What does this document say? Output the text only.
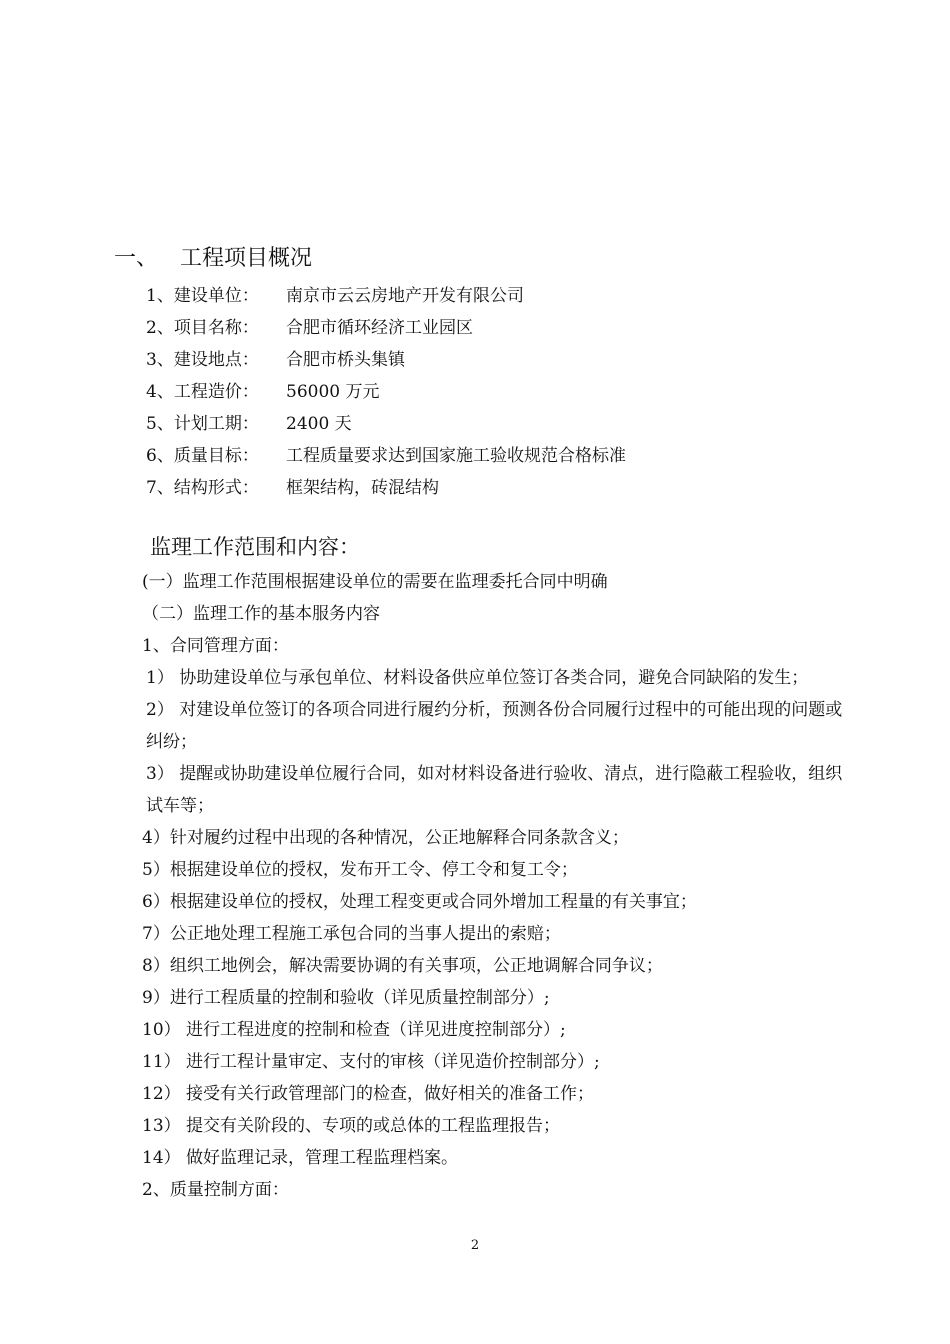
一、 工程项目概况
1、建设单位： 南京市云云房地产开发有限公司
2、项目名称： 合肥市循环经济工业园区
3、建设地点： 合肥市桥头集镇
4、工程造价： 56000 万元
5、计划工期： 2400 天
6、质量目标： 工程质量要求达到国家施工验收规范合格标准
7、结构形式： 框架结构，砖混结构
监理工作范围和内容：
(一）监理工作范围根据建设单位的需要在监理委托合同中明确
（二）监理工作的基本服务内容
1、合同管理方面：
1） 协助建设单位与承包单位、材料设备供应单位签订各类合同，避免合同缺陷的发生；
2） 对建设单位签订的各项合同进行履约分析，预测各份合同履行过程中的可能出现的问题或纠纷；
3） 提醒或协助建设单位履行合同，如对材料设备进行验收、清点，进行隐蔽工程验收，组织试车等；
4）针对履约过程中出现的各种情况，公正地解释合同条款含义；
5）根据建设单位的授权，发布开工令、停工令和复工令；
6）根据建设单位的授权，处理工程变更或合同外增加工程量的有关事宜；
7）公正地处理工程施工承包合同的当事人提出的索赔；
8）组织工地例会，解决需要协调的有关事项，公正地调解合同争议；
9）进行工程质量的控制和验收（详见质量控制部分）;
10） 进行工程进度的控制和检查（详见进度控制部分）;
11） 进行工程计量审定、支付的审核（详见造价控制部分）;
12） 接受有关行政管理部门的检查，做好相关的准备工作；
13） 提交有关阶段的、专项的或总体的工程监理报告；
14） 做好监理记录，管理工程监理档案。
2、质量控制方面：
2
